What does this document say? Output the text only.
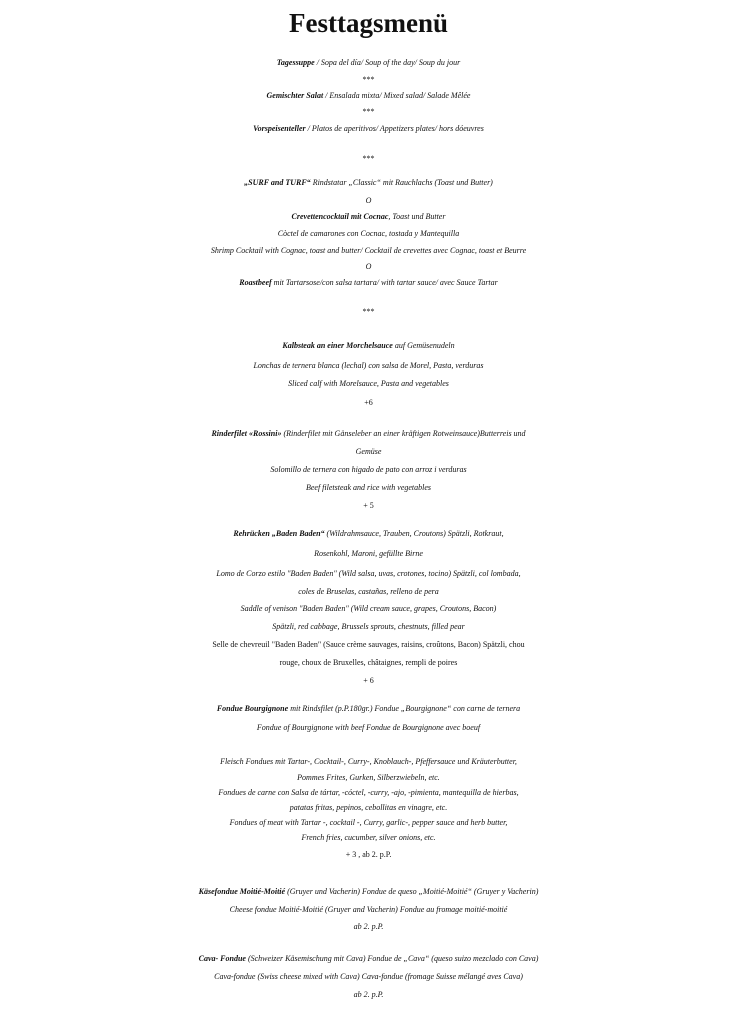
Festtagsmenü
Tagessuppe / Sopa del día/ Soup of the day/ Soup du jour
***
Gemischter Salat / Ensalada mixta/ Mixed salad/ Salade Mêlée
***
Vorspeisenteller / Platos de aperitivos/ Appetizers plates/ hors dóeuvres
***
„SURF and TURF“ Rindstatar „Classic“ mit Rauchlachs (Toast und Butter)
O
Crevettencocktail mit Cocnac, Toast und Butter
Còctel de camarones con Cocnac, tostada y Mantequilla
Shrimp Cocktail with Cognac, toast and butter/ Cocktail de crevettes avec Cognac, toast et Beurre
O
Roastbeef mit Tartarsose/con salsa tartara/ with tartar sauce/ avec Sauce Tartar
***
Kalbsteak an einer Morchelsauce auf Gemüsenudeln
Lonchas de ternera blanca (lechal) con salsa de Morel, Pasta, verduras
Sliced calf with Morelsauce, Pasta and vegetables
+6
Rinderfilet «Rossini» (Rinderfilet mit Gänseleber an einer kräftigen Rotweinsauce)Butterreis und
Gemüse
Solomillo de ternera con higado de pato con arroz i verduras
Beef filetsteak and rice with vegetables
+ 5
Rehrücken „Baden Baden“ (Wildrahmsauce, Trauben, Croutons) Spätzli, Rotkraut,
Rosenkohl, Maroni, gefüllte Birne
Lomo de Corzo estilo "Baden Baden" (Wild salsa, uvas, crotones, tocino) Spätzli, col lombada,
coles de Bruselas, castañas, relleno de pera
Saddle of venison "Baden Baden" (Wild cream sauce, grapes, Croutons, Bacon)
Spätzli, red cabbage, Brussels sprouts, chestnuts, filled pear
Selle de chevreuil "Baden Baden" (Sauce crème sauvages, raisins, croûtons, Bacon) Spätzli, chou
rouge, choux de Bruxelles, châtaignes, rempli de poires
+ 6
Fondue Bourgignone mit Rindsfilet (p.P.180gr.) Fondue „Bourgignone“ con carne de ternera
Fondue of Bourgignone with beef Fondue de Bourgignone avec boeuf
Fleisch Fondues mit Tartar-, Cocktail-, Curry-, Knoblauch-, Pfeffersauce und Kräuterbutter,
Pommes Frites, Gurken, Silberzwiebeln, etc.
Fondues de carne con Salsa de tártar, -cóctel, -curry, -ajo, -pimienta, mantequilla de hierbas,
patatas fritas, pepinos, cebollitas en vinagre, etc.
Fondues of meat with Tartar -, cocktail -, Curry, garlic-, pepper sauce and herb butter,
French fries, cucumber, silver onions, etc.
+ 3 , ab 2. p.P.
Käsefondue Moitié-Moitié (Gruyer und Vacherin) Fondue de queso „Moitié-Moitié“ (Gruyer y Vacherin)
Cheese fondue Moitié-Moitié (Gruyer and Vacherin) Fondue au fromage moitié-moitié
ab 2. p.P.
Cava- Fondue (Schweizer Käsemischung mit Cava) Fondue de „Cava“ (queso suizo mezclado con Cava)
Cava-fondue (Swiss cheese mixed with Cava) Cava-fondue (fromage Suisse mélangé aves Cava)
ab 2. p.P.
